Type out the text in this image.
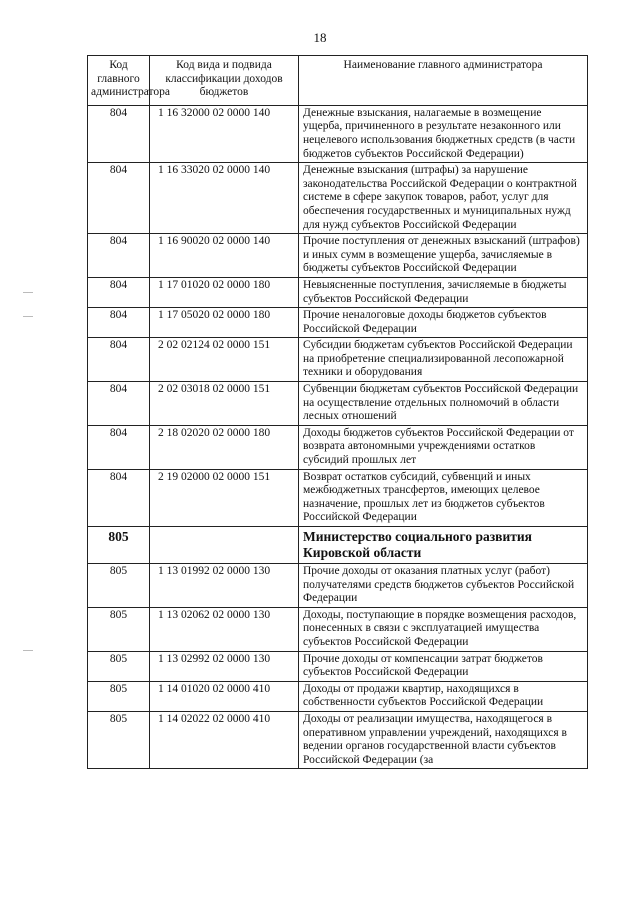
18
Код главного администратора	Код вида и подвида классификации доходов бюджетов	Наименование главного администратора
804	1 16 32000 02 0000 140	Денежные взыскания, налагаемые в возмещение ущерба, причиненного в результате незаконного или нецелевого использования бюджетных средств (в части бюджетов субъектов Российской Федерации)
804	1 16 33020 02 0000 140	Денежные взыскания (штрафы) за нарушение законодательства Российской Федерации о контрактной системе в сфере закупок товаров, работ, услуг для обеспечения государственных и муниципальных нужд для нужд субъектов Российской Федерации
804	1 16 90020 02 0000 140	Прочие поступления от денежных взысканий (штрафов) и иных сумм в возмещение ущерба, зачисляемые в бюджеты субъектов Российской Федерации
804	1 17 01020 02 0000 180	Невыясненные поступления, зачисляемые в бюджеты субъектов Российской Федерации
804	1 17 05020 02 0000 180	Прочие неналоговые доходы бюджетов субъектов Российской Федерации
804	2 02 02124 02 0000 151	Субсидии бюджетам субъектов Российской Федерации на приобретение специализированной лесопожарной техники и оборудования
804	2 02 03018 02 0000 151	Субвенции бюджетам субъектов Российской Федерации на осуществление отдельных полномочий в области лесных отношений
804	2 18 02020 02 0000 180	Доходы бюджетов субъектов Российской Федерации от возврата автономными учреждениями остатков субсидий прошлых лет
804	2 19 02000 02 0000 151	Возврат остатков субсидий, субвенций и иных межбюджетных трансфертов, имеющих целевое назначение, прошлых лет из бюджетов субъектов Российской Федерации
805		Министерство социального развития Кировской области
805	1 13 01992 02 0000 130	Прочие доходы от оказания платных услуг (работ) получателями средств бюджетов субъектов Российской Федерации
805	1 13 02062 02 0000 130	Доходы, поступающие в порядке возмещения расходов, понесенных в связи с эксплуатацией имущества субъектов Российской Федерации
805	1 13 02992 02 0000 130	Прочие доходы от компенсации затрат бюджетов субъектов Российской Федерации
805	1 14 01020 02 0000 410	Доходы от продажи квартир, находящихся в собственности субъектов Российской Федерации
805	1 14 02022 02 0000 410	Доходы от реализации имущества, находящегося в оперативном управлении учреждений, находящихся в ведении органов государственной власти субъектов Российской Федерации (за
